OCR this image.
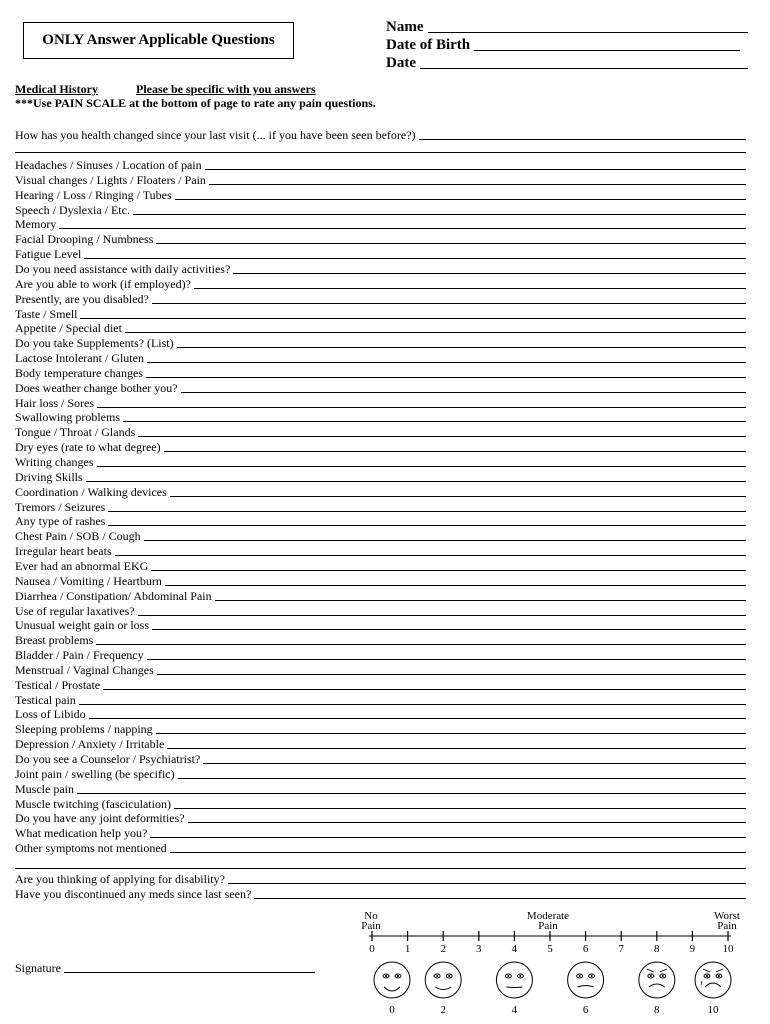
ONLY Answer Applicable Questions
Name
Date of Birth
Date
Medical History	Please be specific with you answers
***Use PAIN SCALE at the bottom of page to rate any pain questions.
How has you health changed since your last visit (... if you have been seen before?)
Headaches / Sinuses / Location of pain
Visual changes / Lights / Floaters / Pain
Hearing / Loss / Ringing / Tubes
Speech / Dyslexia / Etc.
Memory
Facial Drooping / Numbness
Fatigue Level
Do you need assistance with daily activities?
Are you able to work (if employed)?
Presently, are you disabled?
Taste / Smell
Appetite / Special diet
Do you take Supplements? (List)
Lactose Intolerant / Gluten
Body temperature changes
Does weather change bother you?
Hair loss / Sores
Swallowing problems
Tongue / Throat / Glands
Dry eyes (rate to what degree)
Writing changes
Driving Skills
Coordination / Walking devices
Tremors / Seizures
Any type of rashes
Chest Pain / SOB / Cough
Irregular heart beats
Ever had an abnormal EKG
Nausea / Vomiting / Heartburn
Diarrhea / Constipation/ Abdominal Pain
Use of regular laxatives?
Unusual weight gain or loss
Breast problems
Bladder / Pain / Frequency
Menstrual / Vaginal Changes
Testical / Prostate
Testical pain
Loss of Libido
Sleeping problems / napping
Depression / Anxiety / Irritable
Do you see a Counselor / Psychiatrist?
Joint pain / swelling (be specific)
Muscle pain
Muscle twitching (fasciculation)
Do you have any joint deformities?
What medication help you?
Other symptoms not mentioned
Are you thinking of applying for disability?
Have you discontinued any meds since last seen?
Signature
No
Pain
Moderate
Pain
Worst
Pain
0	1	2	3	4	5	6	7	8	9 10
0	2	4	6	8	10
